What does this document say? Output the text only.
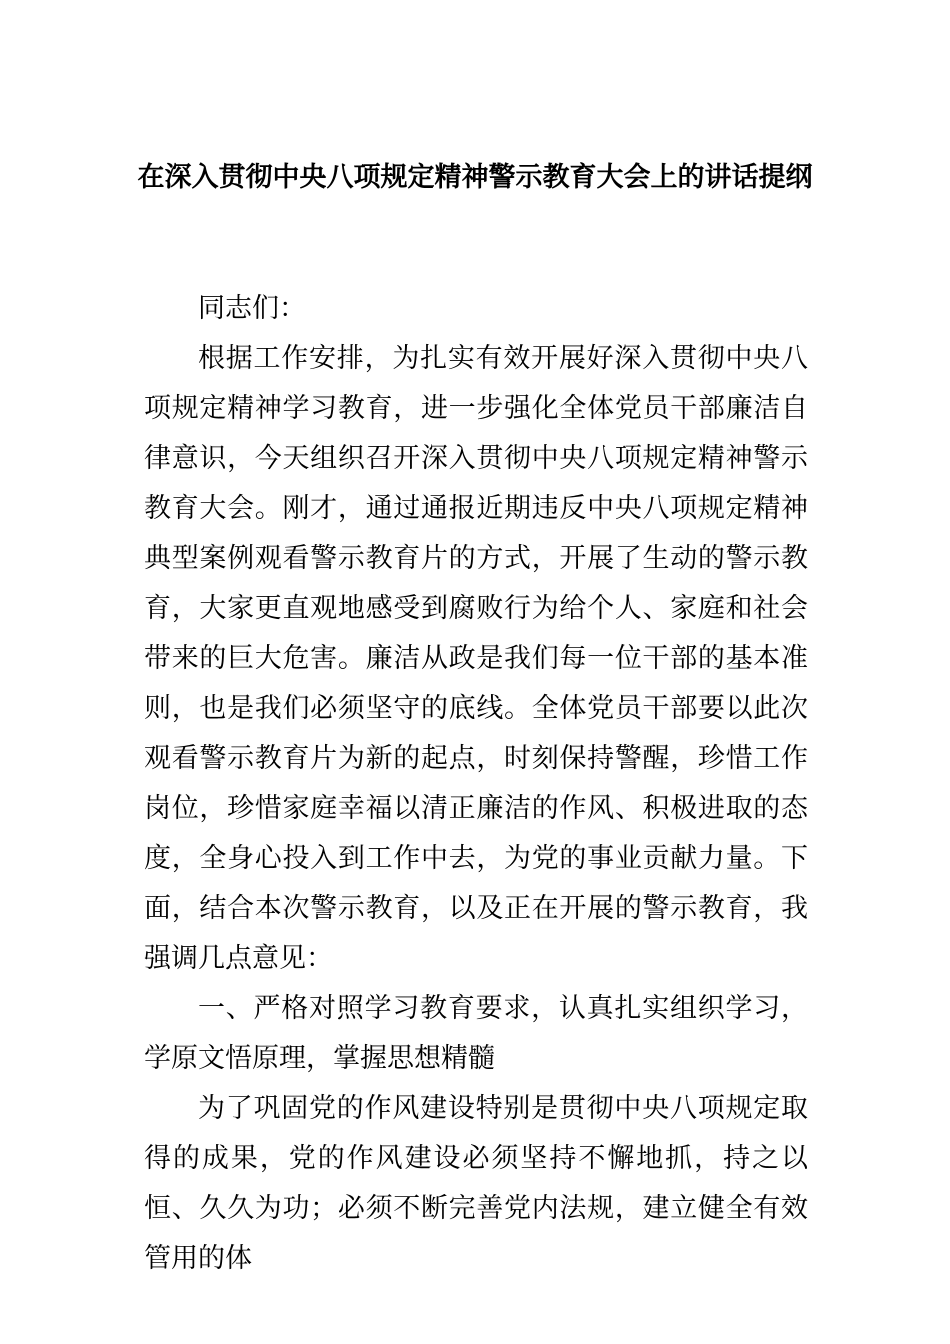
在深入贯彻中央八项规定精神警示教育大会上的讲话提纲

同志们：

根据工作安排，为扎实有效开展好深入贯彻中央八项规定精神学习教育，进一步强化全体党员干部廉洁自律意识，今天组织召开深入贯彻中央八项规定精神警示教育大会。刚才，通过通报近期违反中央八项规定精神典型案例观看警示教育片的方式，开展了生动的警示教育，大家更直观地感受到腐败行为给个人、家庭和社会带来的巨大危害。廉洁从政是我们每一位干部的基本准则，也是我们必须坚守的底线。全体党员干部要以此次观看警示教育片为新的起点，时刻保持警醒，珍惜工作岗位，珍惜家庭幸福以清正廉洁的作风、积极进取的态度，全身心投入到工作中去，为党的事业贡献力量。下面，结合本次警示教育，以及正在开展的警示教育，我强调几点意见：

一、严格对照学习教育要求，认真扎实组织学习，学原文悟原理，掌握思想精髓

为了巩固党的作风建设特别是贯彻中央八项规定取得的成果，党的作风建设必须坚持不懈地抓，持之以恒、久久为功；必须不断完善党内法规，建立健全有效管用的体
